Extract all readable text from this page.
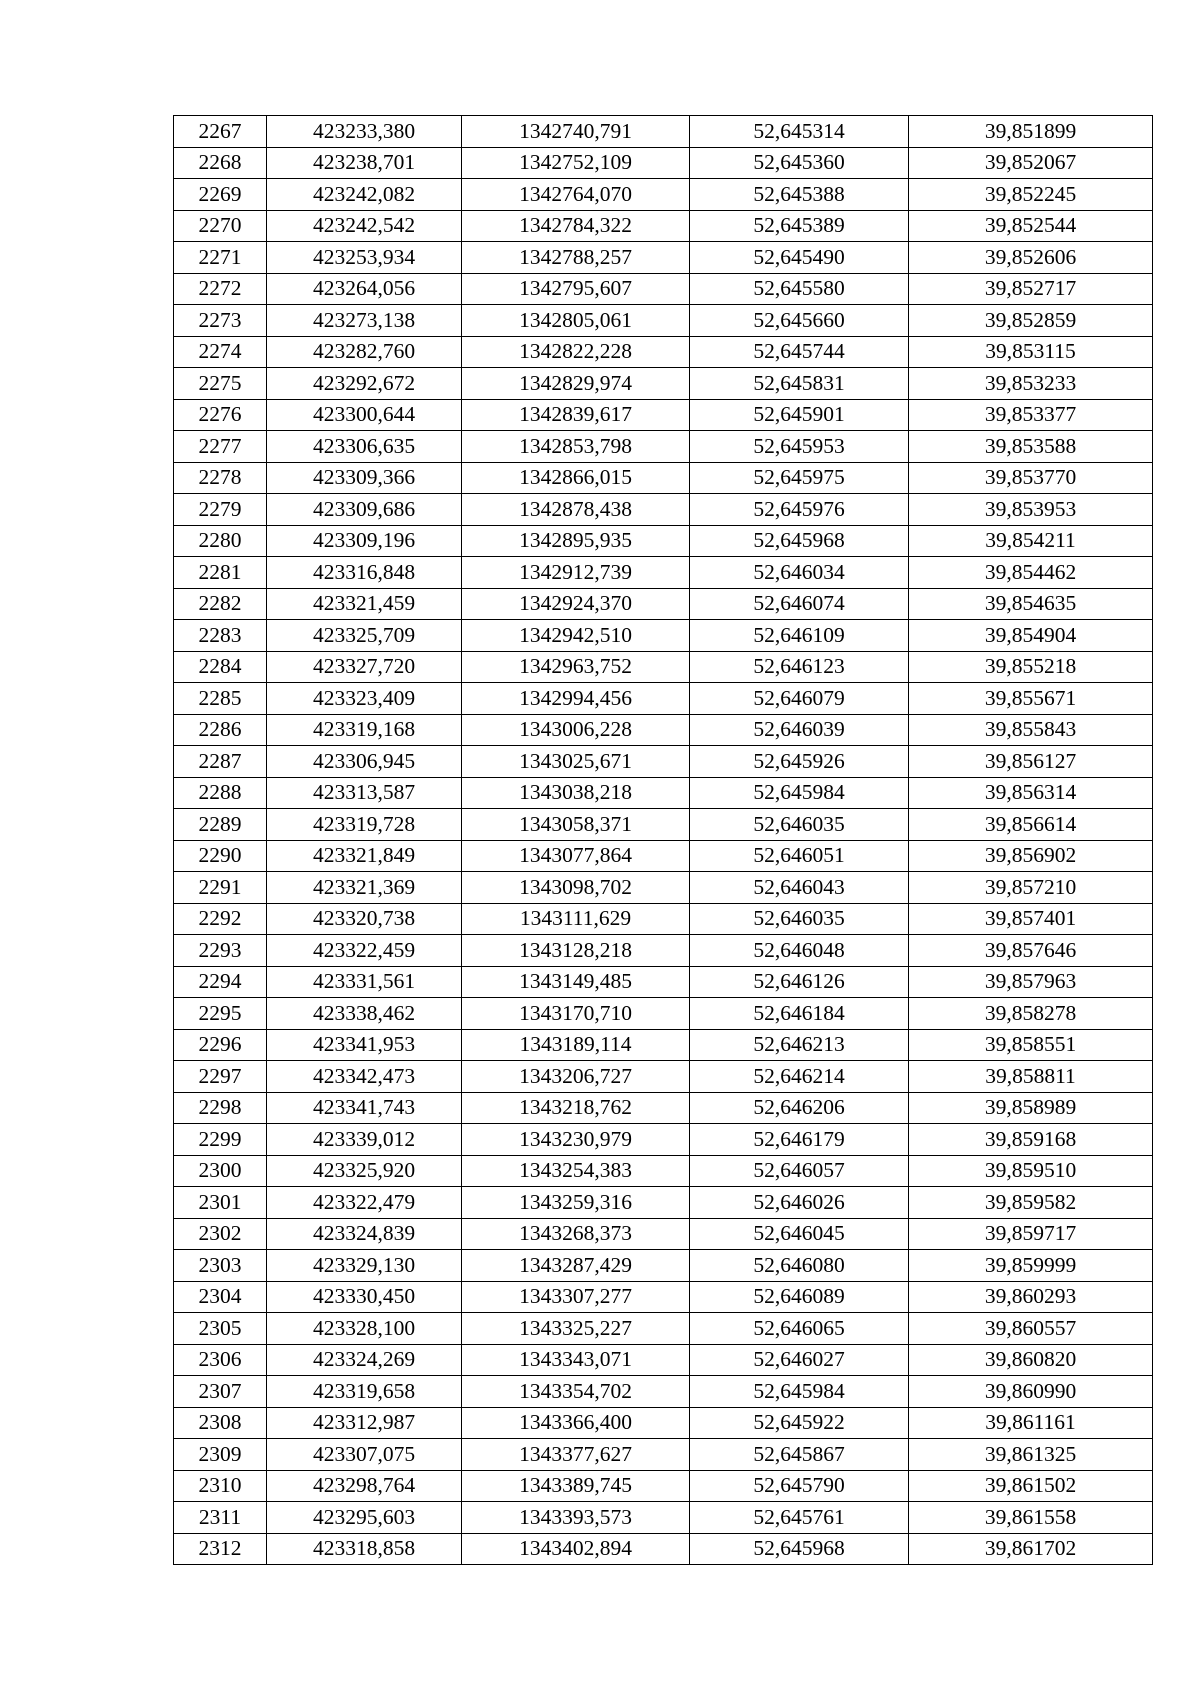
2267	423233,380	1342740,791	52,645314	39,851899
2268	423238,701	1342752,109	52,645360	39,852067
2269	423242,082	1342764,070	52,645388	39,852245
2270	423242,542	1342784,322	52,645389	39,852544
2271	423253,934	1342788,257	52,645490	39,852606
2272	423264,056	1342795,607	52,645580	39,852717
2273	423273,138	1342805,061	52,645660	39,852859
2274	423282,760	1342822,228	52,645744	39,853115
2275	423292,672	1342829,974	52,645831	39,853233
2276	423300,644	1342839,617	52,645901	39,853377
2277	423306,635	1342853,798	52,645953	39,853588
2278	423309,366	1342866,015	52,645975	39,853770
2279	423309,686	1342878,438	52,645976	39,853953
2280	423309,196	1342895,935	52,645968	39,854211
2281	423316,848	1342912,739	52,646034	39,854462
2282	423321,459	1342924,370	52,646074	39,854635
2283	423325,709	1342942,510	52,646109	39,854904
2284	423327,720	1342963,752	52,646123	39,855218
2285	423323,409	1342994,456	52,646079	39,855671
2286	423319,168	1343006,228	52,646039	39,855843
2287	423306,945	1343025,671	52,645926	39,856127
2288	423313,587	1343038,218	52,645984	39,856314
2289	423319,728	1343058,371	52,646035	39,856614
2290	423321,849	1343077,864	52,646051	39,856902
2291	423321,369	1343098,702	52,646043	39,857210
2292	423320,738	1343111,629	52,646035	39,857401
2293	423322,459	1343128,218	52,646048	39,857646
2294	423331,561	1343149,485	52,646126	39,857963
2295	423338,462	1343170,710	52,646184	39,858278
2296	423341,953	1343189,114	52,646213	39,858551
2297	423342,473	1343206,727	52,646214	39,858811
2298	423341,743	1343218,762	52,646206	39,858989
2299	423339,012	1343230,979	52,646179	39,859168
2300	423325,920	1343254,383	52,646057	39,859510
2301	423322,479	1343259,316	52,646026	39,859582
2302	423324,839	1343268,373	52,646045	39,859717
2303	423329,130	1343287,429	52,646080	39,859999
2304	423330,450	1343307,277	52,646089	39,860293
2305	423328,100	1343325,227	52,646065	39,860557
2306	423324,269	1343343,071	52,646027	39,860820
2307	423319,658	1343354,702	52,645984	39,860990
2308	423312,987	1343366,400	52,645922	39,861161
2309	423307,075	1343377,627	52,645867	39,861325
2310	423298,764	1343389,745	52,645790	39,861502
2311	423295,603	1343393,573	52,645761	39,861558
2312	423318,858	1343402,894	52,645968	39,861702
